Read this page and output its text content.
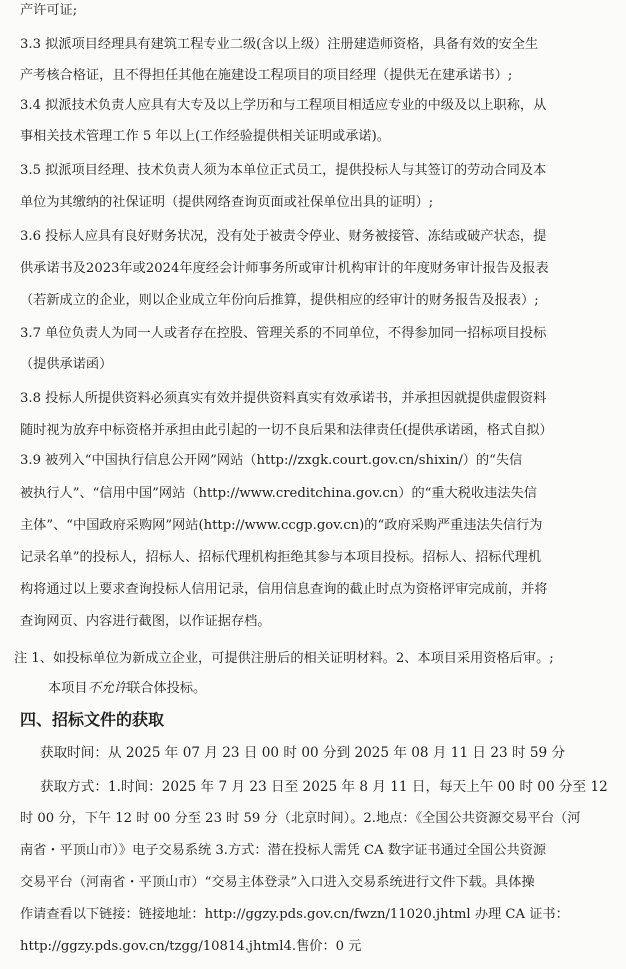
产许可证;
3.3 拟派项目经理具有建筑工程专业二级(含以上级）注册建造师资格，具备有效的安全生
产考核合格证，且不得担任其他在施建设工程项目的项目经理（提供无在建承诺书）;
3.4 拟派技术负责人应具有大专及以上学历和与工程项目相适应专业的中级及以上职称，从
事相关技术管理工作 5 年以上(工作经验提供相关证明或承诺)。
3.5 拟派项目经理、技术负责人须为本单位正式员工，提供投标人与其签订的劳动合同及本
单位为其缴纳的社保证明（提供网络查询页面或社保单位出具的证明）;
3.6 投标人应具有良好财务状况，没有处于被责令停业、财务被接管、冻结或破产状态，提
供承诺书及2023年或2024年度经会计师事务所或审计机构审计的年度财务审计报告及报表
（若新成立的企业，则以企业成立年份向后推算，提供相应的经审计的财务报告及报表）;
3.7 单位负责人为同一人或者存在控股、管理关系的不同单位，不得参加同一招标项目投标
（提供承诺函）
3.8 投标人所提供资料必须真实有效并提供资料真实有效承诺书，并承担因就提供虚假资料
随时视为放弃中标资格并承担由此引起的一切不良后果和法律责任(提供承诺函，格式自拟）
3.9 被列入“中国执行信息公开网”网站（http://zxgk.court.gov.cn/shixin/）的“失信
被执行人”、“信用中国”网站（http://www.creditchina.gov.cn）的“重大税收违法失信
主体”、“中国政府采购网”网站(http://www.ccgp.gov.cn)的“政府采购严重违法失信行为
记录名单”的投标人，招标人、招标代理机构拒绝其参与本项目投标。招标人、招标代理机
构将通过以上要求查询投标人信用记录，信用信息查询的截止时点为资格评审完成前，并将
查询网页、内容进行截图，以作证据存档。
注 1、如投标单位为新成立企业，可提供注册后的相关证明材料。2、本项目采用资格后审。;
本项目不允许联合体投标。
四、招标文件的获取
获取时间：从 2025 年 07 月 23 日 00 时 00 分到 2025 年 08 月 11 日 23 时 59 分
获取方式：1.时间：2025 年 7 月 23 日至 2025 年 8 月 11 日，每天上午 00 时 00 分至 12
时 00 分，下午 12 时 00 分至 23 时 59 分（北京时间）。2.地点：《全国公共资源交易平台（河
南省・平顶山市）》电子交易系统 3.方式：潜在投标人需凭 CA 数字证书通过全国公共资源
交易平台（河南省・平顶山市）“交易主体登录”入口进入交易系统进行文件下载。具体操
作请查看以下链接：链接地址：http://ggzy.pds.gov.cn/fwzn/11020.jhtml 办理 CA 证书：
http://ggzy.pds.gov.cn/tzgg/10814.jhtml4.售价：0 元
